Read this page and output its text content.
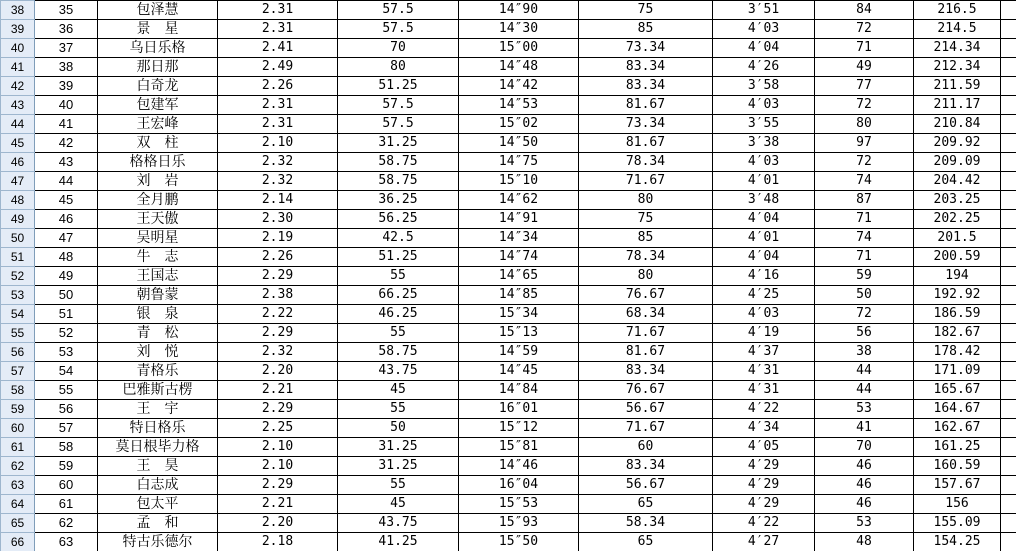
38	35	包泽慧	2.31	57.5	14″90	75	3′51	84	216.5	
39	36	景　星	2.31	57.5	14″30	85	4′03	72	214.5	
40	37	乌日乐格	2.41	70	15″00	73.34	4′04	71	214.34	
41	38	那日那	2.49	80	14″48	83.34	4′26	49	212.34	
42	39	白奇龙	2.26	51.25	14″42	83.34	3′58	77	211.59	
43	40	包建军	2.31	57.5	14″53	81.67	4′03	72	211.17	
44	41	王宏峰	2.31	57.5	15″02	73.34	3′55	80	210.84	
45	42	双　柱	2.10	31.25	14″50	81.67	3′38	97	209.92	
46	43	格格日乐	2.32	58.75	14″75	78.34	4′03	72	209.09	
47	44	刘　岩	2.32	58.75	15″10	71.67	4′01	74	204.42	
48	45	全月鹏	2.14	36.25	14″62	80	3′48	87	203.25	
49	46	王天傲	2.30	56.25	14″91	75	4′04	71	202.25	
50	47	吴明星	2.19	42.5	14″34	85	4′01	74	201.5	
51	48	牛　志	2.26	51.25	14″74	78.34	4′04	71	200.59	
52	49	王国志	2.29	55	14″65	80	4′16	59	194	
53	50	朝鲁蒙	2.38	66.25	14″85	76.67	4′25	50	192.92	
54	51	银　泉	2.22	46.25	15″34	68.34	4′03	72	186.59	
55	52	青　松	2.29	55	15″13	71.67	4′19	56	182.67	
56	53	刘　悦	2.32	58.75	14″59	81.67	4′37	38	178.42	
57	54	青格乐	2.20	43.75	14″45	83.34	4′31	44	171.09	
58	55	巴雅斯古楞	2.21	45	14″84	76.67	4′31	44	165.67	
59	56	王　宇	2.29	55	16″01	56.67	4′22	53	164.67	
60	57	特日格乐	2.25	50	15″12	71.67	4′34	41	162.67	
61	58	莫日根毕力格	2.10	31.25	15″81	60	4′05	70	161.25	
62	59	王　昊	2.10	31.25	14″46	83.34	4′29	46	160.59	
63	60	白志成	2.29	55	16″04	56.67	4′29	46	157.67	
64	61	包太平	2.21	45	15″53	65	4′29	46	156	
65	62	孟　和	2.20	43.75	15″93	58.34	4′22	53	155.09	
66	63	特古乐德尔	2.18	41.25	15″50	65	4′27	48	154.25	
